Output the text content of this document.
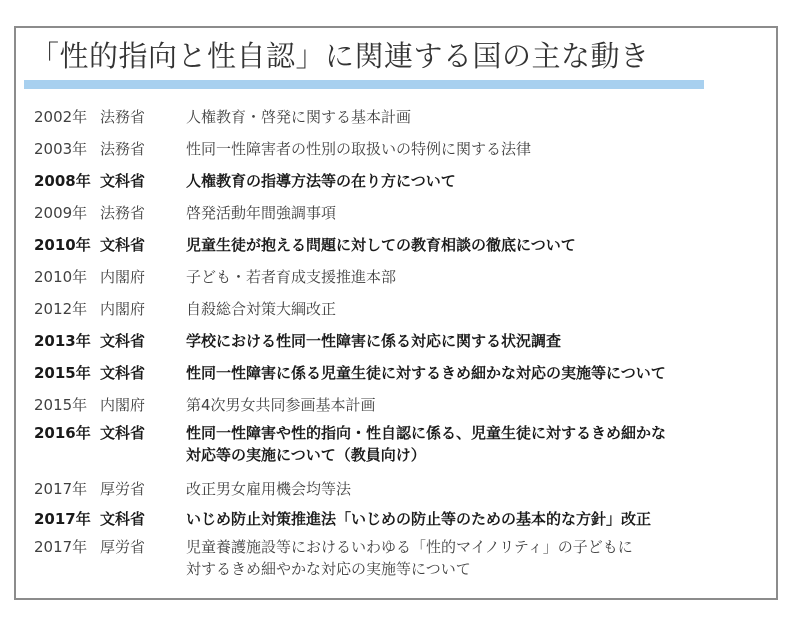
「性的指向と性自認」に関連する国の主な動き
2002年 法務省	人権教育・啓発に関する基本計画
2003年 法務省	性同一性障害者の性別の取扱いの特例に関する法律
2008年 文科省	人権教育の指導方法等の在り方について
2009年 法務省	啓発活動年間強調事項
2010年 文科省	児童生徒が抱える問題に対しての教育相談の徹底について
2010年 内閣府	子ども・若者育成支援推進本部
2012年 内閣府	自殺総合対策大綱改正
2013年 文科省	学校における性同一性障害に係る対応に関する状況調査
2015年 文科省	性同一性障害に係る児童生徒に対するきめ細かな対応の実施等について
2015年 内閣府	第4次男女共同参画基本計画
2016年 文科省	性同一性障害や性的指向・性自認に係る、児童生徒に対するきめ細かな
対応等の実施について（教員向け）
2017年 厚労省	改正男女雇用機会均等法
2017年 文科省	いじめ防止対策推進法「いじめの防止等のための基本的な方針」改正
2017年 厚労省	児童養護施設等におけるいわゆる「性的マイノリティ」の子どもに
対するきめ細やかな対応の実施等について
